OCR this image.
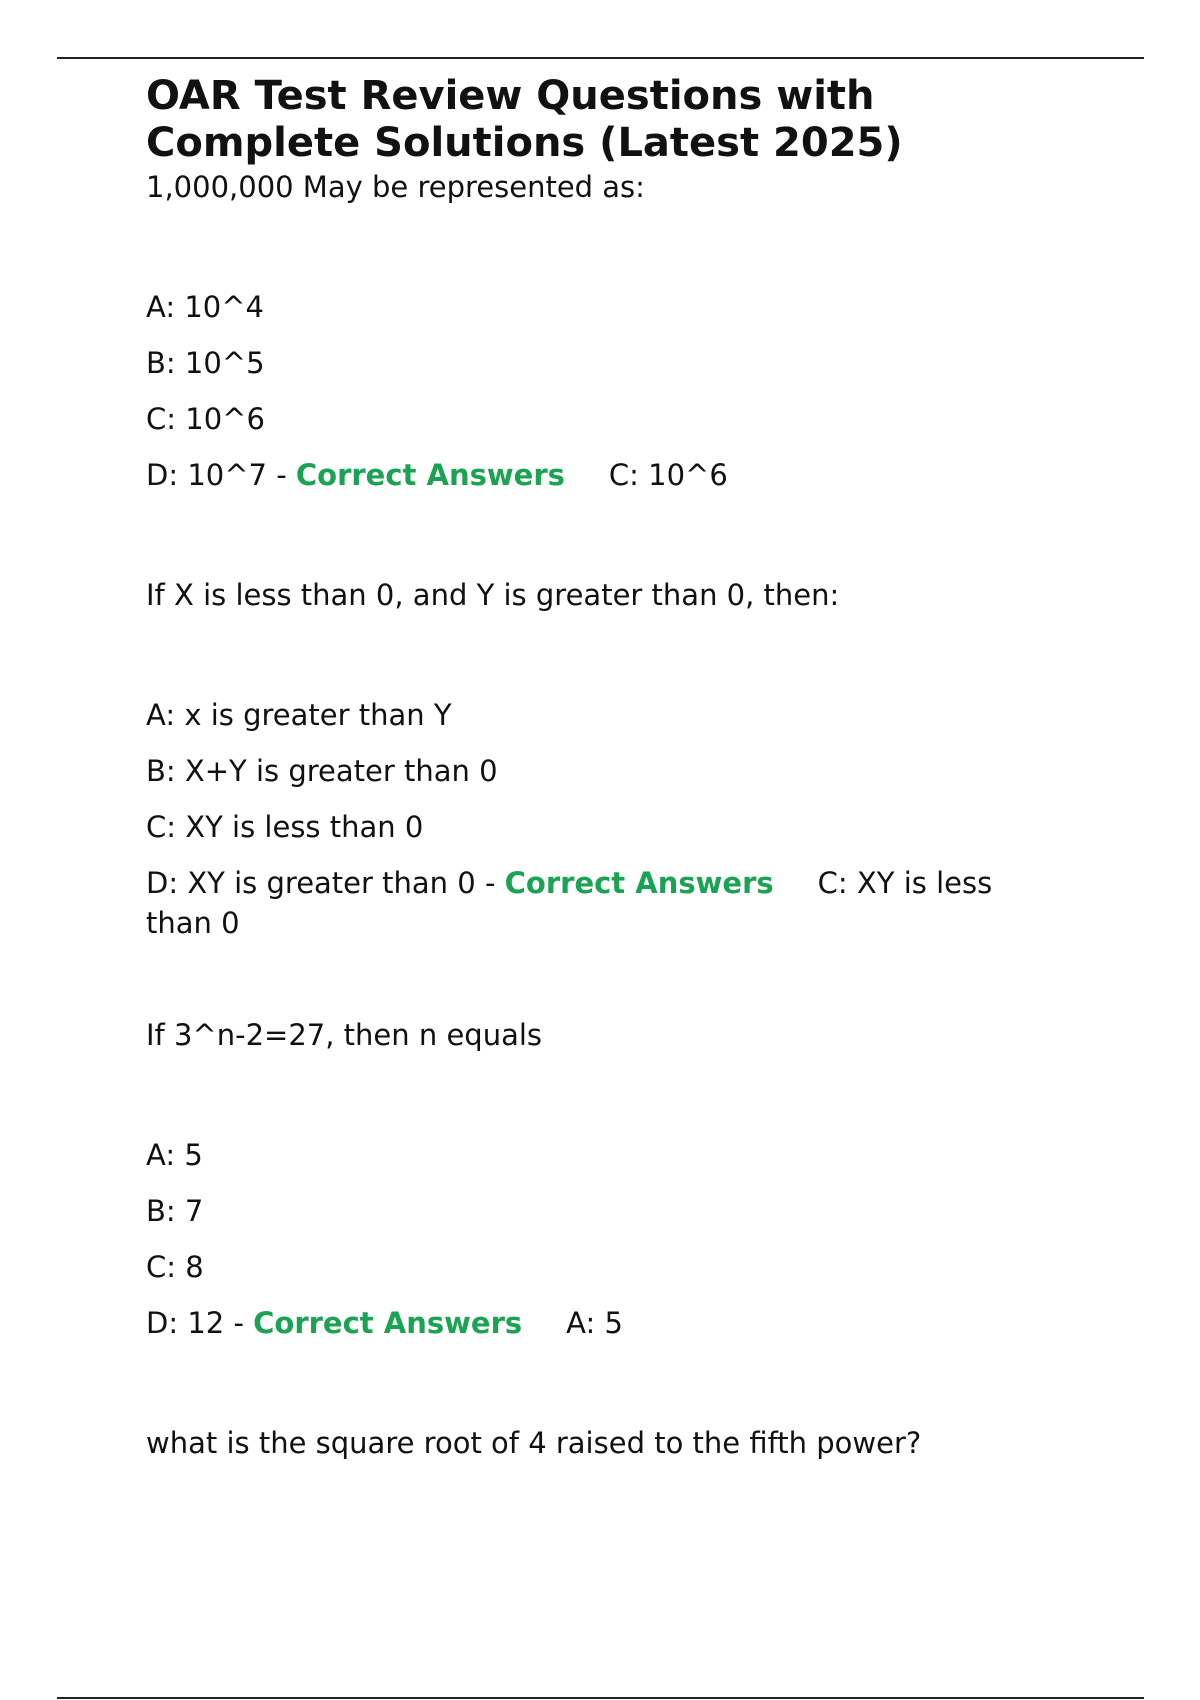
OAR Test Review Questions with
Complete Solutions (Latest 2025)

1,000,000 May be represented as:

A: 10^4

B: 10^5

C: 10^6

D: 10^7 - Correct Answers C: 10^6

If X is less than 0, and Y is greater than 0, then:

A: x is greater than Y

B: X+Y is greater than 0

C: XY is less than 0

D: XY is greater than 0 - Correct Answers C: XY is less than 0

If 3^n-2=27, then n equals

A: 5

B: 7

C: 8

D: 12 - Correct Answers A: 5

what is the square root of 4 raised to the fifth power?
